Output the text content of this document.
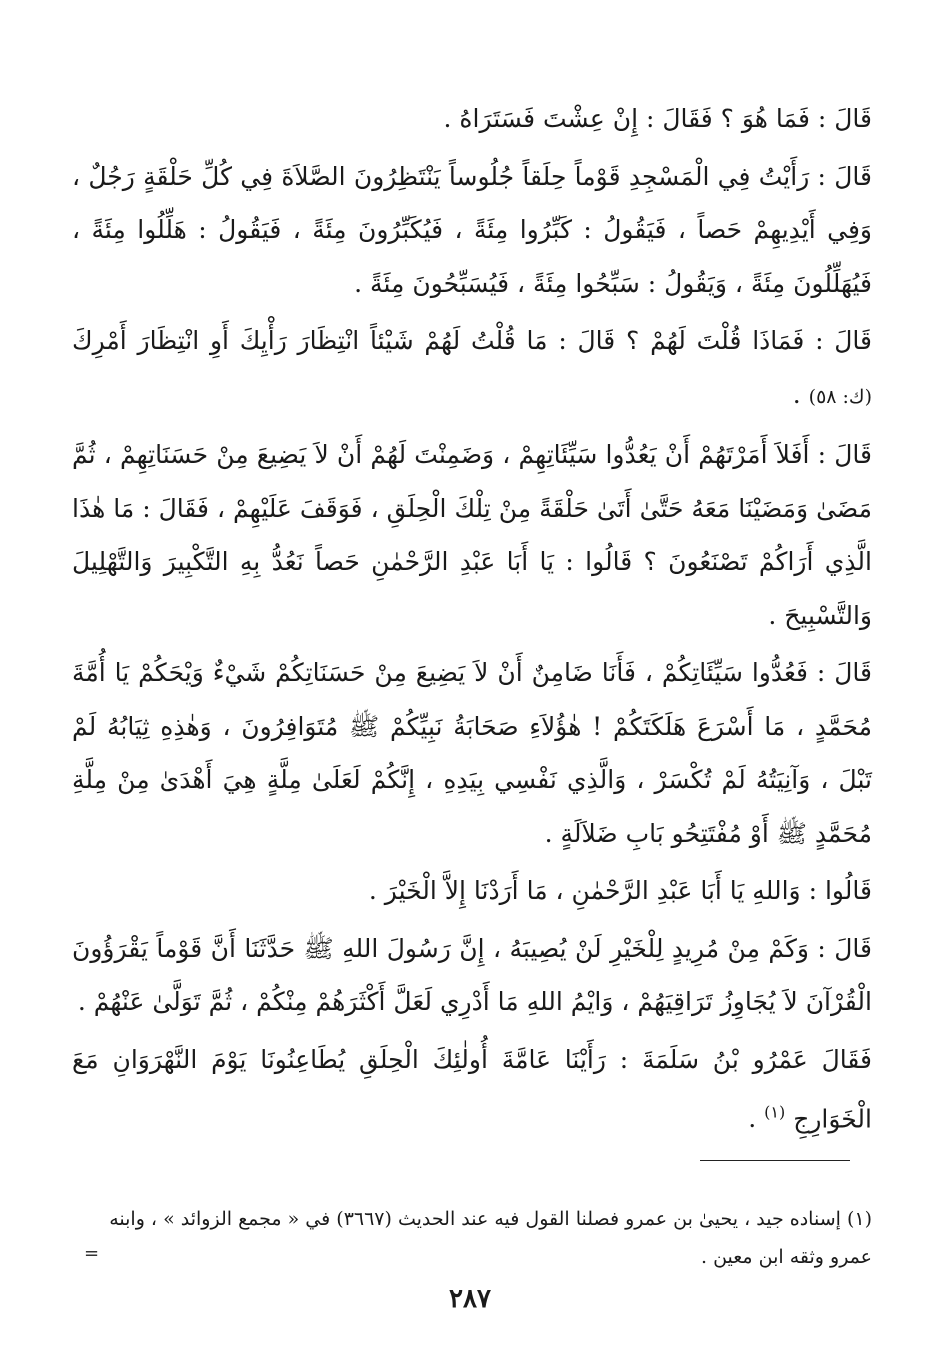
قَالَ : فَمَا هُوَ ؟ فَقَالَ : إِنْ عِشْتَ فَسَتَرَاهُ .

قَالَ : رَأَيْتُ فِي الْمَسْجِدِ قَوْماً حِلَقاً جُلُوساً يَنْتَظِرُونَ الصَّلاَةَ فِي كُلِّ حَلْقَةٍ رَجُلٌ ، وَفِي أَيْدِيهِمْ حَصاً ، فَيَقُولُ : كَبِّرُوا مِئَةً ، فَيُكَبِّرُونَ مِئَةً ، فَيَقُولُ : هَلِّلُوا مِئَةً ، فَيُهَلِّلُونَ مِئَةً ، وَيَقُولُ : سَبِّحُوا مِئَةً ، فَيُسَبِّحُونَ مِئَةً .

قَالَ : فَمَاذَا قُلْتَ لَهُمْ ؟ قَالَ : مَا قُلْتُ لَهُمْ شَيْئاً انْتِظَارَ رَأْيِكَ أَوِ انْتِظَارَ أَمْرِكَ (ك: ٥٨) .

قَالَ : أَفَلاَ أَمَرْتَهُمْ أَنْ يَعُدُّوا سَيِّئَاتِهِمْ ، وَضَمِنْتَ لَهُمْ أَنْ لاَ يَضِيعَ مِنْ حَسَنَاتِهِمْ ، ثُمَّ مَضَىٰ وَمَضَيْنَا مَعَهُ حَتَّىٰ أَتَىٰ حَلْقَةً مِنْ تِلْكَ الْحِلَقِ ، فَوَقَفَ عَلَيْهِمْ ، فَقَالَ : مَا هٰذَا الَّذِي أَرَاكُمْ تَصْنَعُونَ ؟ قَالُوا : يَا أَبَا عَبْدِ الرَّحْمٰنِ حَصاً نَعُدُّ بِهِ التَّكْبِيرَ وَالتَّهْلِيلَ وَالتَّسْبِيحَ .

قَالَ : فَعُدُّوا سَيِّئَاتِكُمْ ، فَأَنَا ضَامِنٌ أَنْ لاَ يَضِيعَ مِنْ حَسَنَاتِكُمْ شَيْءٌ وَيْحَكُمْ يَا أُمَّةَ مُحَمَّدٍ ، مَا أَسْرَعَ هَلَكَتَكُمْ ! هٰؤُلاَءِ صَحَابَةُ نَبِيِّكُمْ ﷺ مُتَوَافِرُونَ ، وَهٰذِهِ ثِيَابُهُ لَمْ تَبْلَ ، وَآنِيَتُهُ لَمْ تُكْسَرْ ، وَالَّذِي نَفْسِي بِيَدِهِ ، إِنَّكُمْ لَعَلَىٰ مِلَّةٍ هِيَ أَهْدَىٰ مِنْ مِلَّةِ مُحَمَّدٍ ﷺ أَوْ مُفْتَتِحُو بَابِ ضَلاَلَةٍ .

قَالُوا : وَاللهِ يَا أَبَا عَبْدِ الرَّحْمٰنِ ، مَا أَرَدْنَا إِلاَّ الْخَيْرَ .

قَالَ : وَكَمْ مِنْ مُرِيدٍ لِلْخَيْرِ لَنْ يُصِيبَهُ ، إِنَّ رَسُولَ اللهِ ﷺ حَدَّثَنَا أَنَّ قَوْماً يَقْرَؤُونَ الْقُرْآنَ لاَ يُجَاوِزُ تَرَاقِيَهُمْ ، وَايْمُ اللهِ مَا أَدْرِي لَعَلَّ أَكْثَرَهُمْ مِنْكُمْ ، ثُمَّ تَوَلَّىٰ عَنْهُمْ .

فَقَالَ عَمْرُو بْنُ سَلَمَةَ : رَأَيْنَا عَامَّةَ أُولٰئِكَ الْحِلَقِ يُطَاعِنُونَا يَوْمَ النَّهْرَوَانِ مَعَ الْخَوَارِجِ $^{(١)}$ .

(١) إسناده جيد ، يحيىٰ بن عمرو فصلنا القول فيه عند الحديث (٣٦٦٧) في « مجمع الزوائد » ، وابنه عمرو وثقه ابن معين .
=
٢٨٧
